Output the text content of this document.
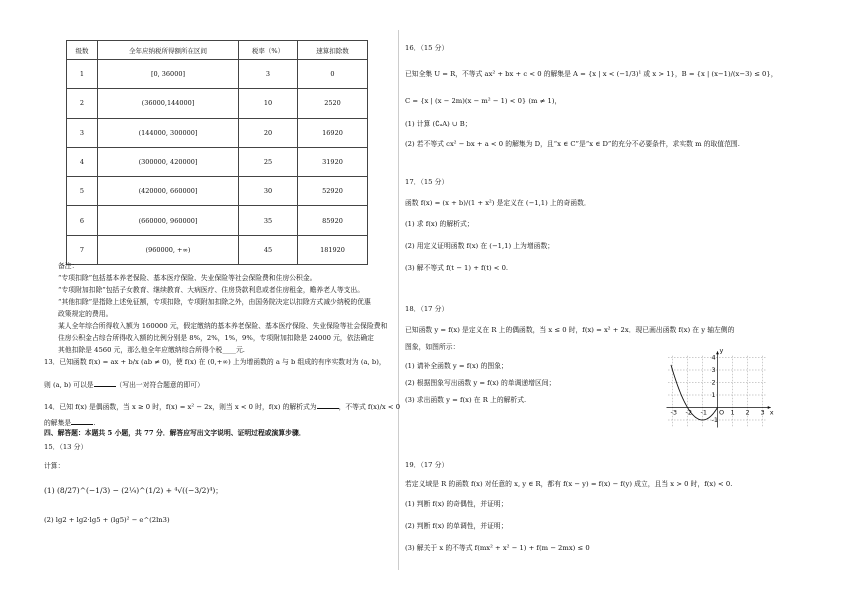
级数	全年应纳税所得额所在区间	税率（%）	速算扣除数
1	[0, 36000]	3	0
2	(36000,144000]	10	2520
3	(144000, 300000]	20	16920
4	(300000, 420000]	25	31920
5	(420000, 660000]	30	52920
6	(660000, 960000]	35	85920
7	(960000, +∞)	45	181920
备注：
“专项扣除”包括基本养老保险、基本医疗保险、失业保险等社会保险费和住房公积金。
“专项附加扣除”包括子女教育、继续教育、大病医疗、住房贷款利息或者住房租金，赡养老人等支出。
“其他扣除”是指除上述免征额，专项扣除，专项附加扣除之外，由国务院决定以扣除方式减少纳税的优惠
政策规定的费用。
某人全年综合所得收入额为 160000 元，假定缴纳的基本养老保险、基本医疗保险、失业保险等社会保险费和
住房公积金占综合所得收入额的比例分别是 8%，2%，1%，9%，专项附加扣除是 24000 元，依法确定
其他扣除是 4560 元，那么他全年应缴纳综合所得个税____元.
13．已知函数 f(x) = ax + b/x (ab ≠ 0)，使 f(x) 在 (0,+∞) 上为增函数的 a 与 b 组成的有序实数对为 (a, b)，
则 (a, b) 可以是	（写出一对符合题意的即可）
14．已知 f(x) 是偶函数，当 x ≥ 0 时，f(x) = x² − 2x，则当 x < 0 时，f(x) 的解析式为	，不等式 f(x)/x < 0
的解集是	.
四、解答题：本题共 5 小题，共 77 分．解答应写出文字说明、证明过程或演算步骤．
15．（13 分）
计算：
(1) (8/27)^(−1/3) − (2¼)^(1/2) + ⁴√((−3/2)⁴)；
(2) lg2 + lg2·lg5 + (lg5)² − e^(2ln3)
16．（15 分）
已知全集 U = R，不等式 ax² + bx + c < 0 的解集是 A = {x | x < (−1/3)¹ 或 x > 1}，B = {x | (x−1)/(x−3) ≤ 0}，
C = {x | (x − 2m)(x − m² − 1) < 0} (m ≠ 1)，
(1) 计算 (∁ᵤA) ∪ B；
(2) 若不等式 cx² − bx + a < 0 的解集为 D，且“x ∈ C”是“x ∈ D”的充分不必要条件，求实数 m 的取值范围.
17．（15 分）
函数 f(x) = (x + b)/(1 + x²) 是定义在 (−1,1) 上的奇函数．
(1) 求 f(x) 的解析式；
(2) 用定义证明函数 f(x) 在 (−1,1) 上为增函数；
(3) 解不等式 f(t − 1) + f(t) < 0.
18．（17 分）
已知函数 y = f(x) 是定义在 R 上的偶函数，当 x ≤ 0 时，f(x) = x² + 2x．现已画出函数 f(x) 在 y 轴左侧的
图象，如图所示：
(1) 请补全函数 y = f(x) 的图象；
(2) 根据图象写出函数 y = f(x) 的单调递增区间；
(3) 求出函数 y = f(x) 在 R 上的解析式.
-3 -2 -1 O 1 2 3
4
3
2
1
-1
x
y
19．（17 分）
若定义域是 R 的函数 f(x) 对任意的 x, y ∈ R，都有 f(x − y) = f(x) − f(y) 成立，且当 x > 0 时，f(x) < 0.
(1) 判断 f(x) 的奇偶性，并证明；
(2) 判断 f(x) 的单调性，并证明；
(3) 解关于 x 的不等式 f(mx² + x² − 1) + f(m − 2mx) ≤ 0
